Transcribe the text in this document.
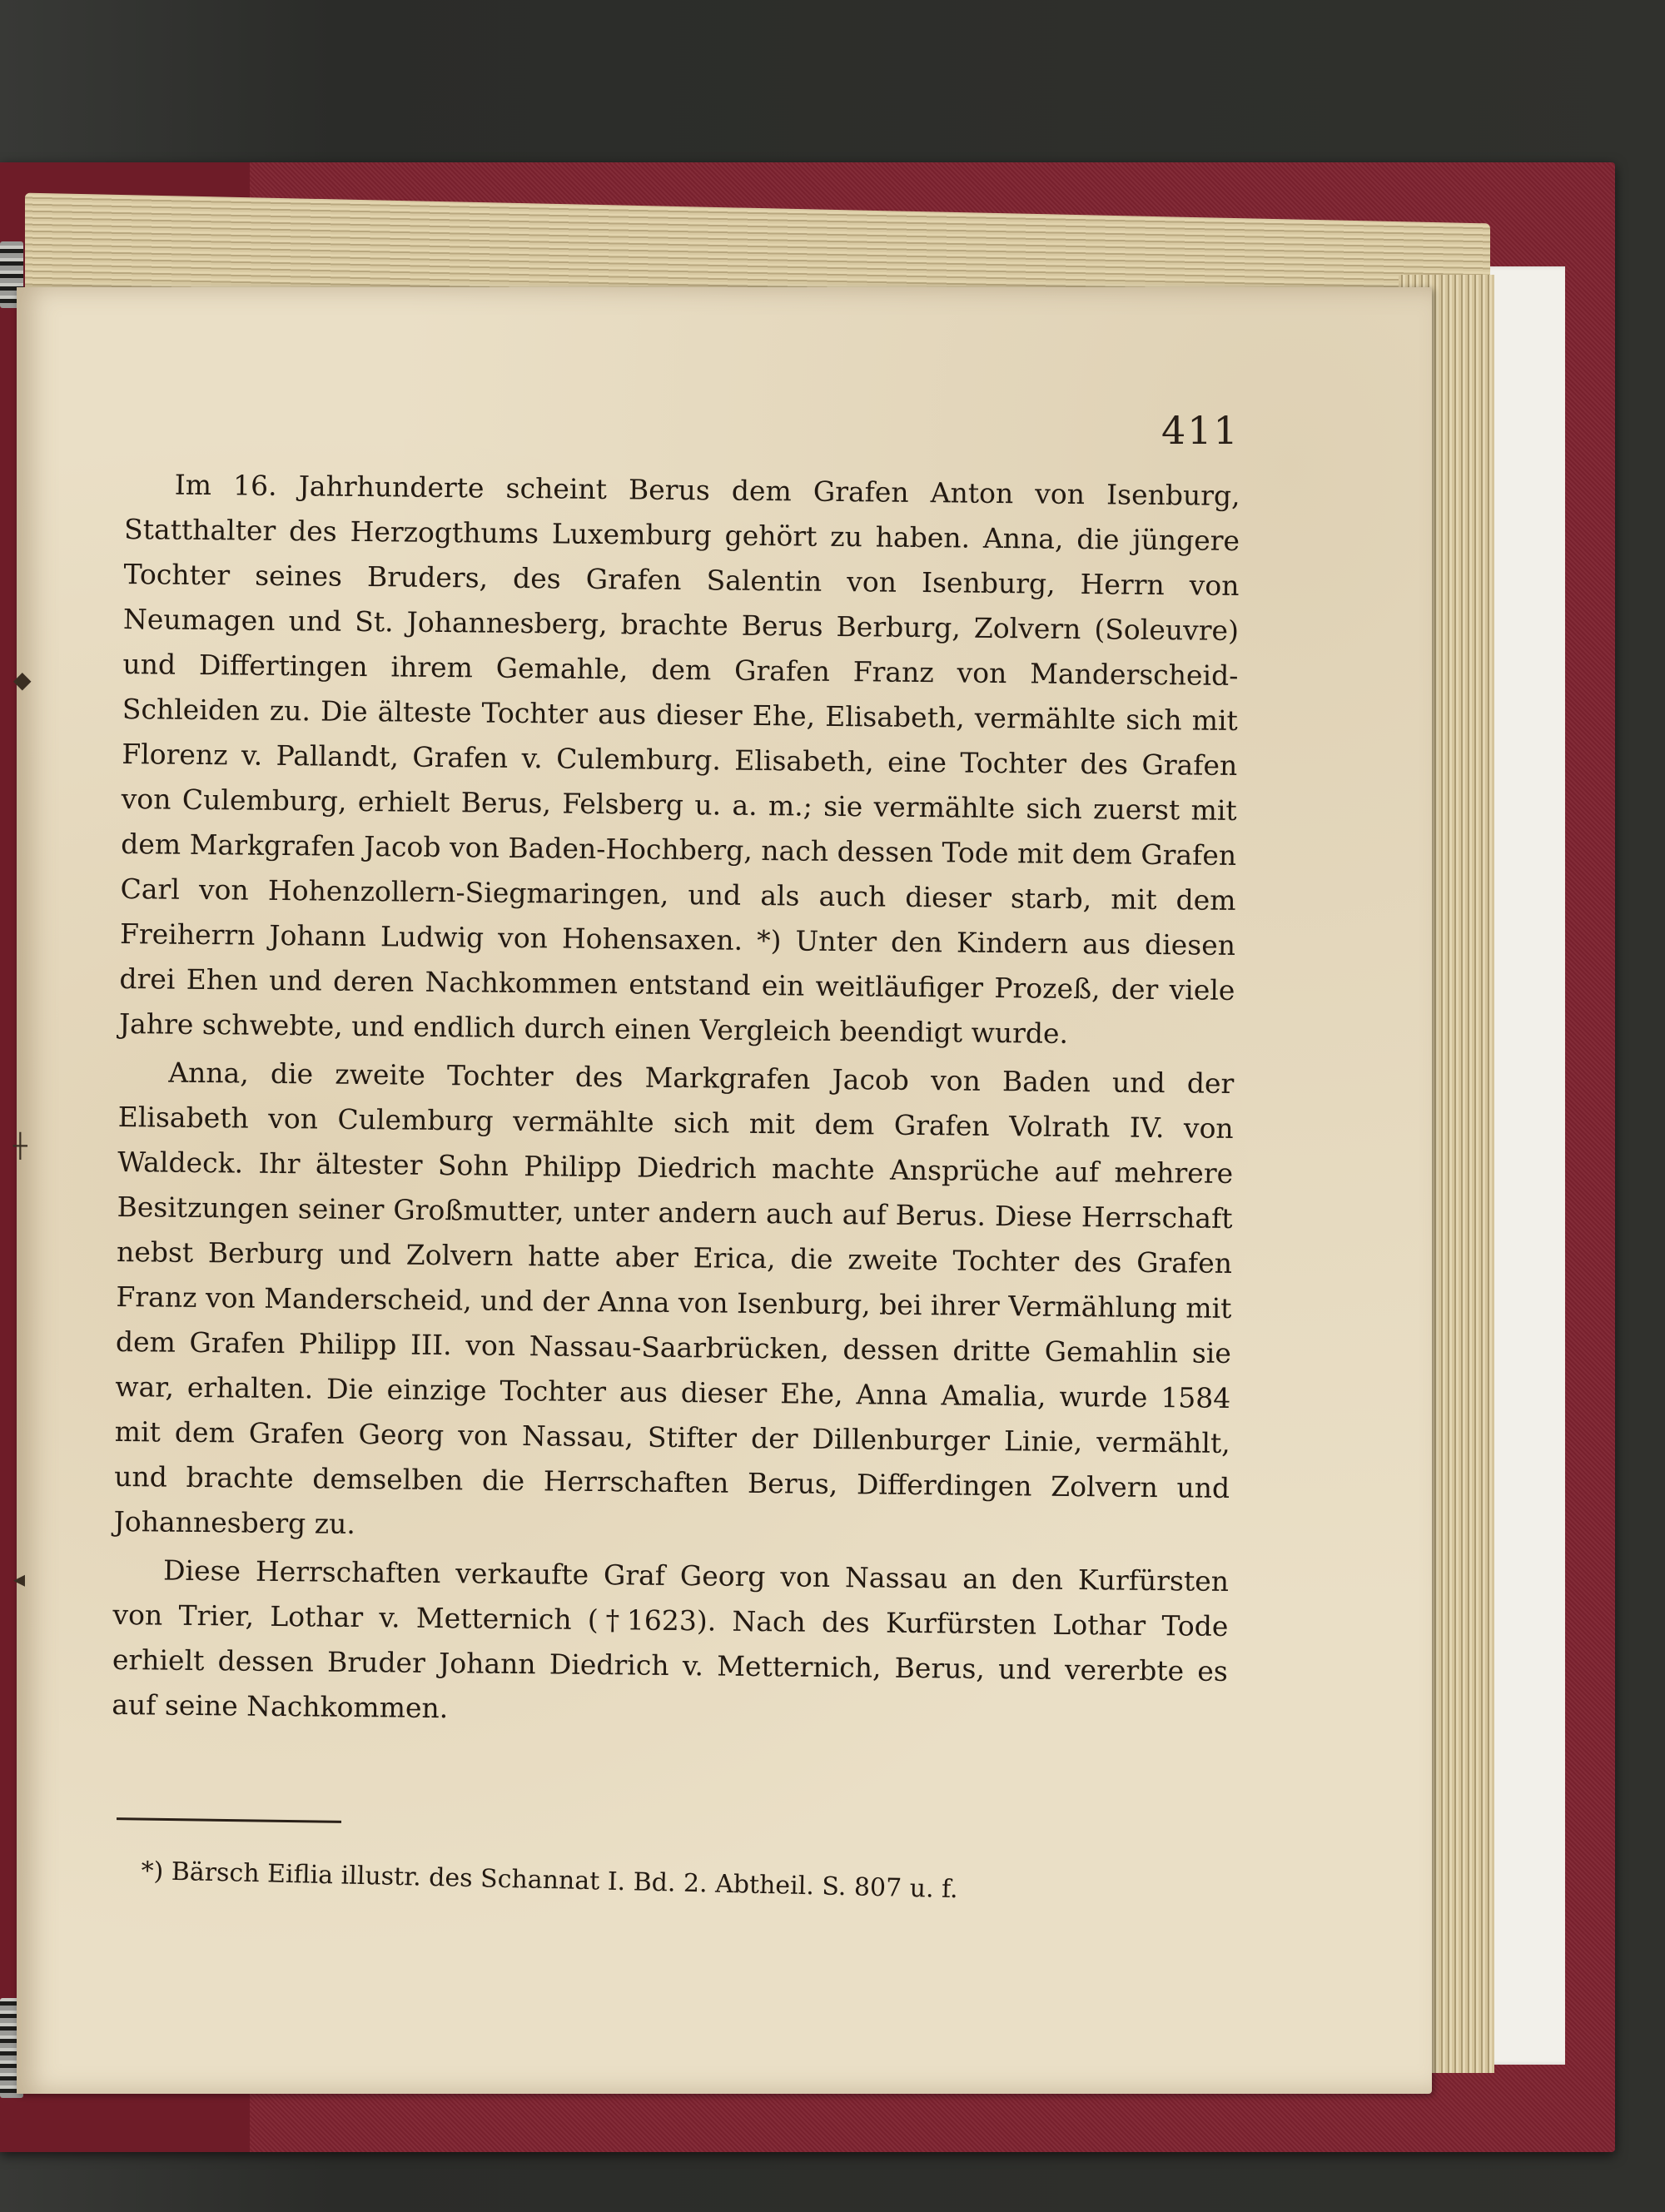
◆
┼
◂
411

Im 16. Jahrhunderte scheint Berus dem Grafen Anton von Isenburg, Statthalter des Herzogthums Luxemburg gehört zu haben. Anna, die jüngere Tochter seines Bruders, des Grafen Salentin von Isenburg, Herrn von Neumagen und St. Johannesberg, brachte Berus Berburg, Zolvern (Soleuvre) und Differtingen ihrem Gemahle, dem Grafen Franz von Manderscheid-Schleiden zu. Die älteste Tochter aus dieser Ehe, Elisabeth, vermählte sich mit Florenz v. Pallandt, Grafen v. Culemburg. Elisabeth, eine Tochter des Grafen von Culemburg, erhielt Berus, Felsberg u. a. m.; sie vermählte sich zuerst mit dem Markgrafen Jacob von Baden-Hochberg, nach dessen Tode mit dem Grafen Carl von Hohenzollern-Siegmaringen, und als auch dieser starb, mit dem Freiherrn Johann Ludwig von Hohensaxen. *) Unter den Kindern aus diesen drei Ehen und deren Nachkommen entstand ein weitläufiger Prozeß, der viele Jahre schwebte, und endlich durch einen Vergleich beendigt wurde.

Anna, die zweite Tochter des Markgrafen Jacob von Baden und der Elisabeth von Culemburg vermählte sich mit dem Grafen Volrath IV. von Waldeck. Ihr ältester Sohn Philipp Diedrich machte Ansprüche auf mehrere Besitzungen seiner Großmutter, unter andern auch auf Berus. Diese Herrschaft nebst Berburg und Zolvern hatte aber Erica, die zweite Tochter des Grafen Franz von Manderscheid, und der Anna von Isenburg, bei ihrer Vermählung mit dem Grafen Philipp III. von Nassau-Saarbrücken, dessen dritte Gemahlin sie war, erhalten. Die einzige Tochter aus dieser Ehe, Anna Amalia, wurde 1584 mit dem Grafen Georg von Nassau, Stifter der Dillenburger Linie, vermählt, und brachte demselben die Herrschaften Berus, Differdingen Zolvern und Johannesberg zu.

Diese Herrschaften verkaufte Graf Georg von Nassau an den Kurfürsten von Trier, Lothar v. Metternich (†1623). Nach des Kurfürsten Lothar Tode erhielt dessen Bruder Johann Diedrich v. Metternich, Berus, und vererbte es auf seine Nachkommen.

*) Bärsch Eiflia illustr. des Schannat I. Bd. 2. Abtheil. S. 807 u. f.
